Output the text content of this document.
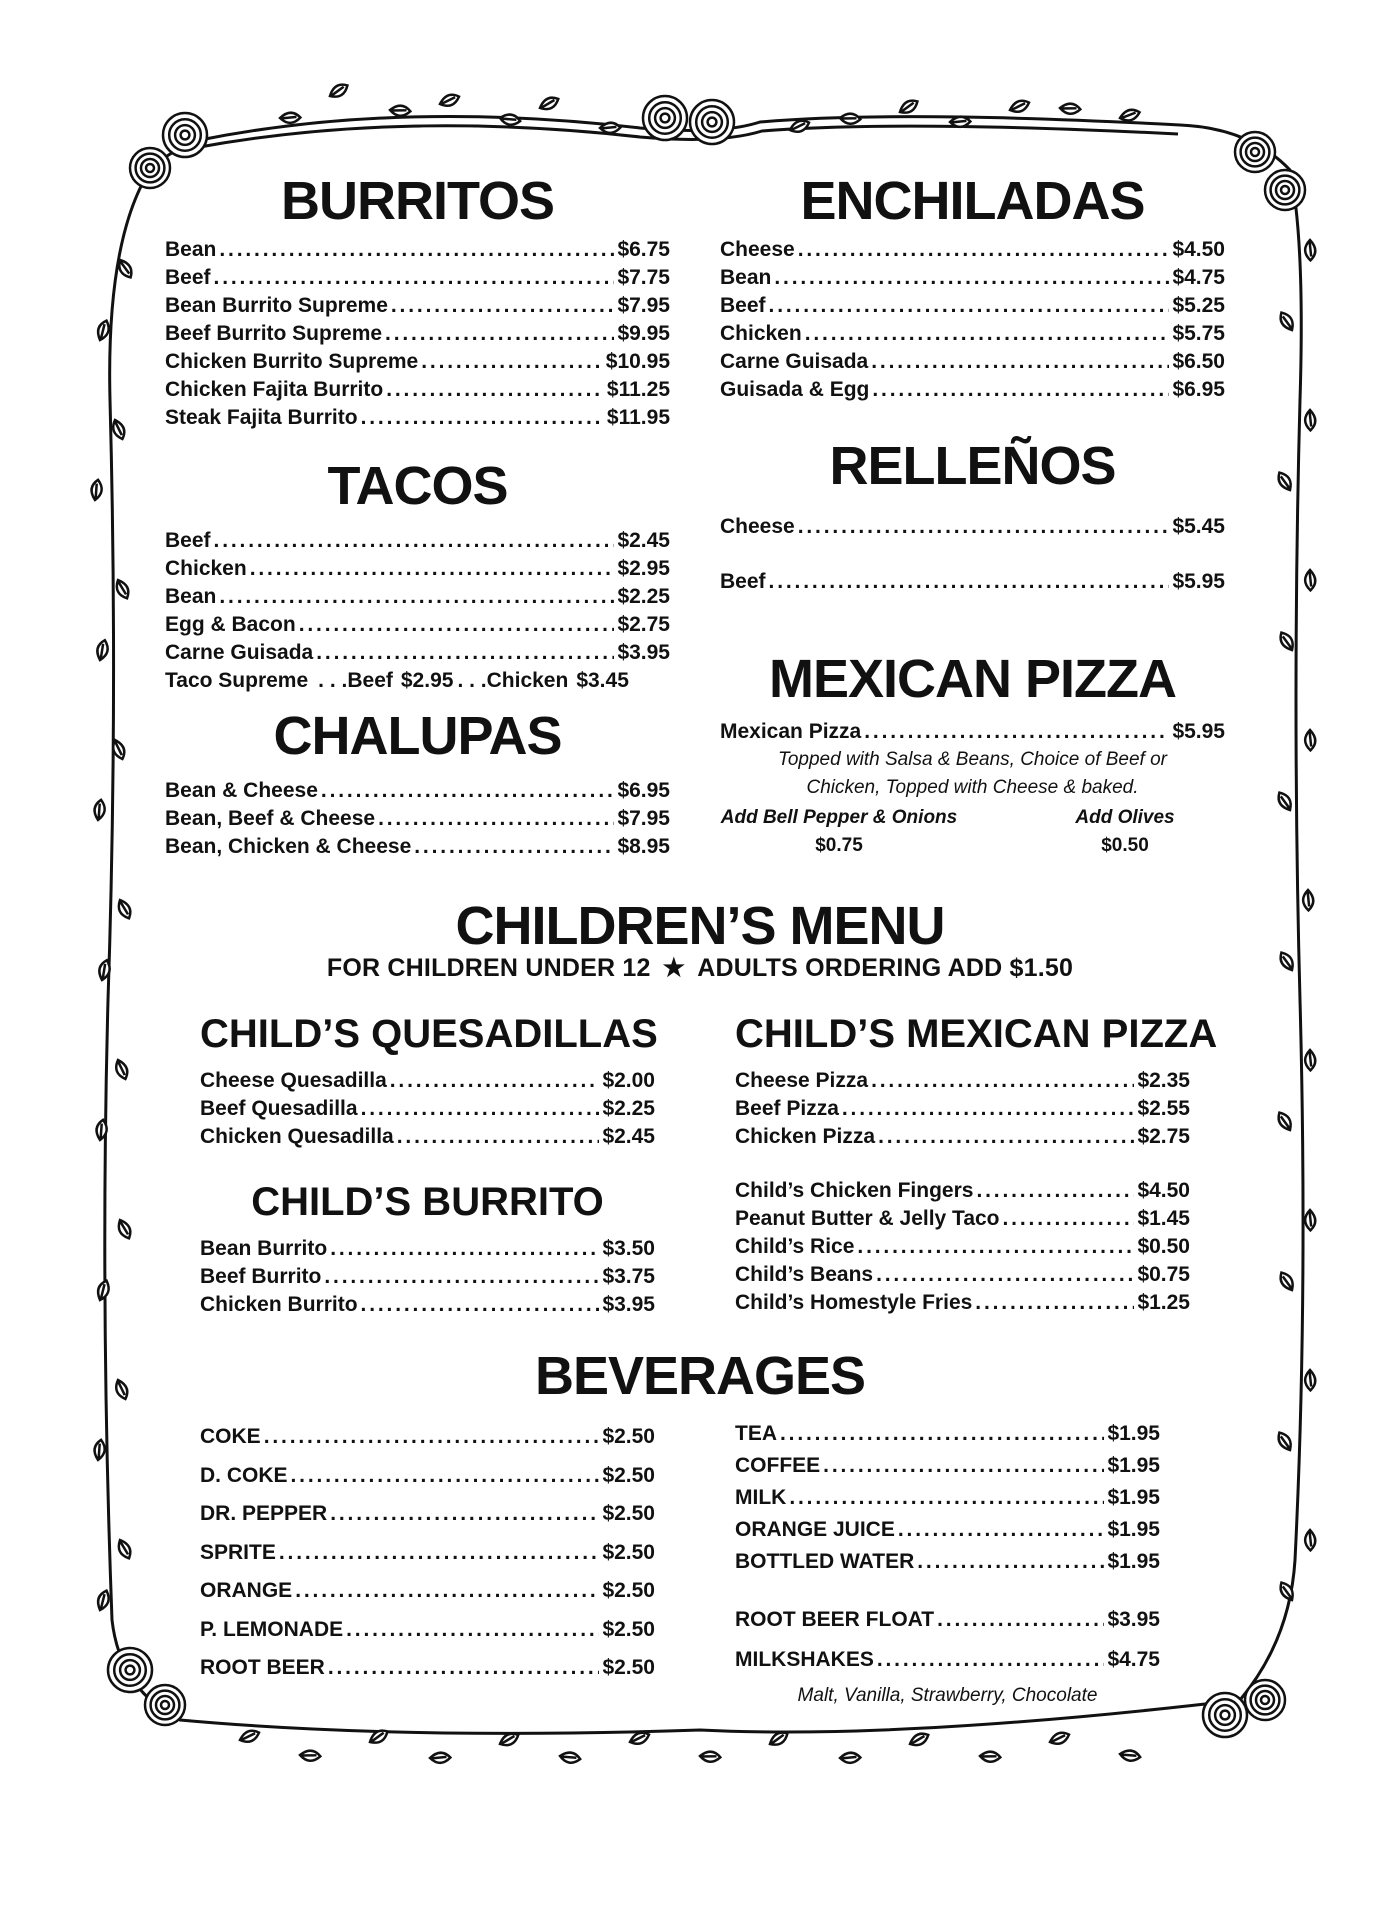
BURRITOS
Bean . . .	$6.75
Beef . . .	$7.75
Bean Burrito Supreme . . .	$7.95
Beef Burrito Supreme . . .	$9.95
Chicken Burrito Supreme . . .	$10.95
Chicken Fajita Burrito . . .	$11.25
Steak Fajita Burrito . . .	$11.95
TACOS
Beef . . .	$2.45
Chicken . . .	$2.95
Bean . . .	$2.25
Egg & Bacon . . .	$2.75
Carne Guisada . . .	$3.95
Taco Supreme . . . Beef $2.95 . . . Chicken $3.45
CHALUPAS
Bean & Cheese . . .	$6.95
Bean, Beef & Cheese . . .	$7.95
Bean, Chicken & Cheese . . .	$8.95
ENCHILADAS
Cheese . . .	$4.50
Bean . . .	$4.75
Beef . . .	$5.25
Chicken . . .	$5.75
Carne Guisada . . .	$6.50
Guisada & Egg . . .	$6.95
RELLEÑOS
Cheese . . .	$5.45
Beef . . .	$5.95
MEXICAN PIZZA
Mexican Pizza . . .	$5.95
Topped with Salsa & Beans, Choice of Beef or
Chicken, Topped with Cheese & baked.
Add Bell Pepper & Onions
$0.75
Add Olives
$0.50
CHILDREN’S MENU
FOR CHILDREN UNDER 12 ★ ADULTS ORDERING ADD $1.50
CHILD’S QUESADILLAS
Cheese Quesadilla . . .	$2.00
Beef Quesadilla . . .	$2.25
Chicken Quesadilla . . .	$2.45
CHILD’S BURRITO
Bean Burrito . . .	$3.50
Beef Burrito . . .	$3.75
Chicken Burrito . . .	$3.95
CHILD’S MEXICAN PIZZA
Cheese Pizza . . .	$2.35
Beef Pizza . . .	$2.55
Chicken Pizza . . .	$2.75
Child’s Chicken Fingers . . .	$4.50
Peanut Butter & Jelly Taco . . .	$1.45
Child’s Rice . . .	$0.50
Child’s Beans . . .	$0.75
Child’s Homestyle Fries . . .	$1.25
BEVERAGES
COKE . . .	$2.50
D. COKE . . .	$2.50
DR. PEPPER . . .	$2.50
SPRITE . . .	$2.50
ORANGE . . .	$2.50
P. LEMONADE . . .	$2.50
ROOT BEER . . .	$2.50
TEA . . .	$1.95
COFFEE . . .	$1.95
MILK . . .	$1.95
ORANGE JUICE . . .	$1.95
BOTTLED WATER . . .	$1.95
ROOT BEER FLOAT . . .	$3.95
MILKSHAKES . . .	$4.75
Malt, Vanilla, Strawberry, Chocolate
